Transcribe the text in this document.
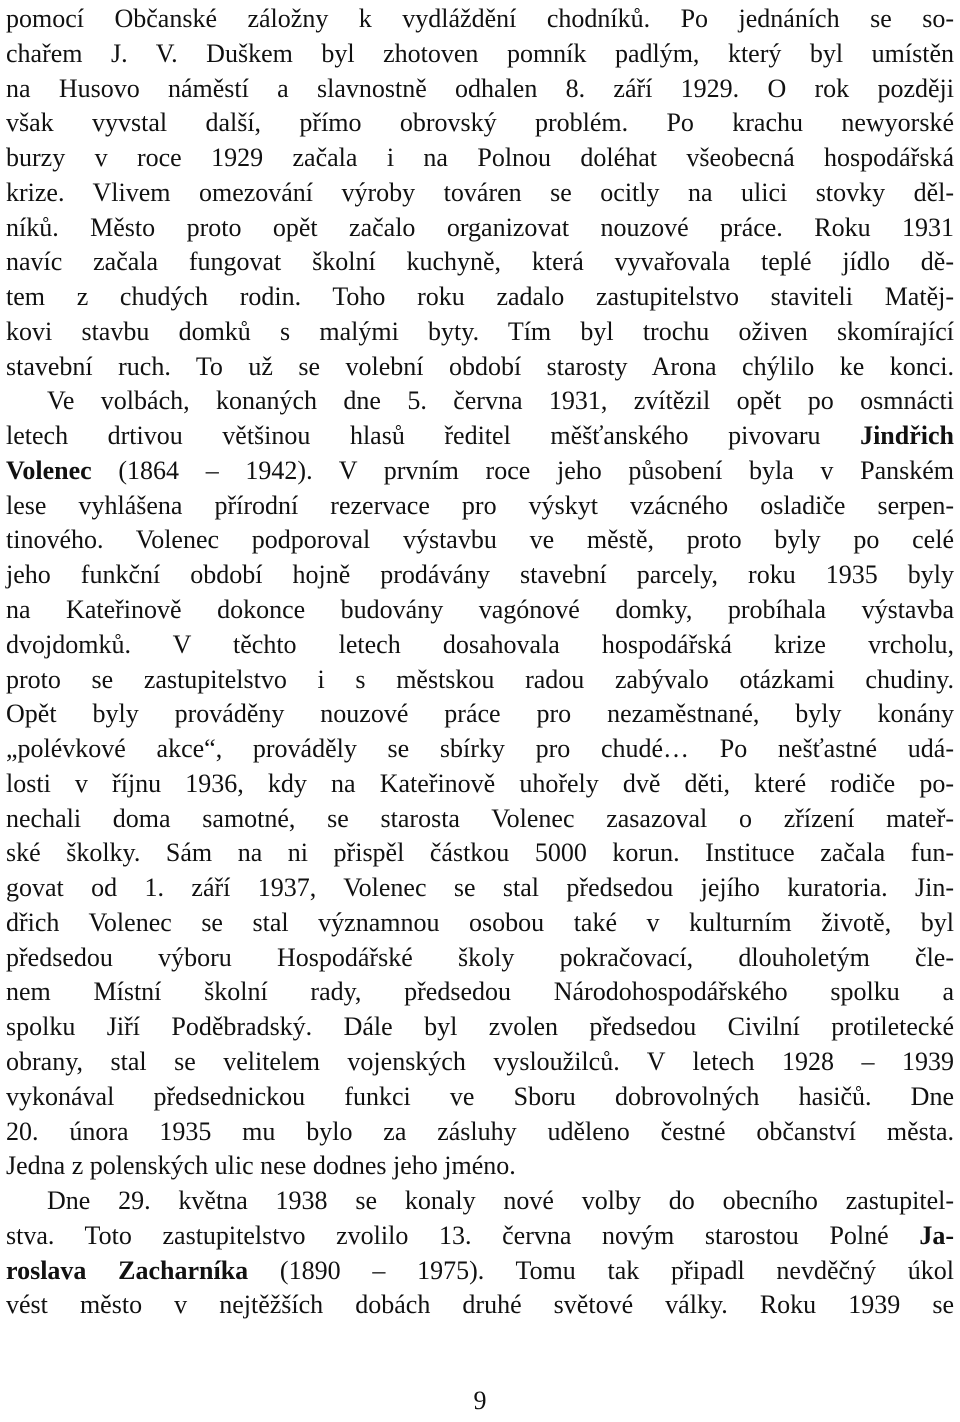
pomocí Občanské záložny k vydláždění chodníků. Po jednáních se so-
chařem J. V. Duškem byl zhotoven pomník padlým, který byl umístěn
na Husovo náměstí a slavnostně odhalen 8. září 1929. O rok později
však vyvstal další, přímo obrovský problém. Po krachu newyorské
burzy v roce 1929 začala i na Polnou doléhat všeobecná hospodářská
krize. Vlivem omezování výroby továren se ocitly na ulici stovky děl-
níků. Město proto opět začalo organizovat nouzové práce. Roku 1931
navíc začala fungovat školní kuchyně, která vyvařovala teplé jídlo dě-
tem z chudých rodin. Toho roku zadalo zastupitelstvo staviteli Matěj-
kovi stavbu domků s malými byty. Tím byl trochu oživen skomírající
stavební ruch. To už se volební období starosty Arona chýlilo ke konci.
Ve volbách, konaných dne 5. června 1931, zvítězil opět po osmnácti
letech drtivou většinou hlasů ředitel měšťanského pivovaru Jindřich
Volenec (1864 – 1942). V prvním roce jeho působení byla v Panském
lese vyhlášena přírodní rezervace pro výskyt vzácného osladiče serpen-
tinového. Volenec podporoval výstavbu ve městě, proto byly po celé
jeho funkční období hojně prodávány stavební parcely, roku 1935 byly
na Kateřinově dokonce budovány vagónové domky, probíhala výstavba
dvojdomků. V těchto letech dosahovala hospodářská krize vrcholu,
proto se zastupitelstvo i s městskou radou zabývalo otázkami chudiny.
Opět byly prováděny nouzové práce pro nezaměstnané, byly konány
„polévkové akce“, prováděly se sbírky pro chudé… Po nešťastné udá-
losti v říjnu 1936, kdy na Kateřinově uhořely dvě děti, které rodiče po-
nechali doma samotné, se starosta Volenec zasazoval o zřízení mateř-
ské školky. Sám na ni přispěl částkou 5000 korun. Instituce začala fun-
govat od 1. září 1937, Volenec se stal předsedou jejího kuratoria. Jin-
dřich Volenec se stal významnou osobou také v kulturním životě, byl
předsedou výboru Hospodářské školy pokračovací, dlouholetým čle-
nem Místní školní rady, předsedou Národohospodářského spolku a
spolku Jiří Poděbradský. Dále byl zvolen předsedou Civilní protiletecké
obrany, stal se velitelem vojenských vysloužilců. V letech 1928 – 1939
vykonával předsednickou funkci ve Sboru dobrovolných hasičů. Dne
20. února 1935 mu bylo za zásluhy uděleno čestné občanství města.
Jedna z polenských ulic nese dodnes jeho jméno.
Dne 29. května 1938 se konaly nové volby do obecního zastupitel-
stva. Toto zastupitelstvo zvolilo 13. června novým starostou Polné Ja-
roslava Zacharníka (1890 – 1975). Tomu tak připadl nevděčný úkol
vést město v nejtěžších dobách druhé světové války. Roku 1939 se
9
